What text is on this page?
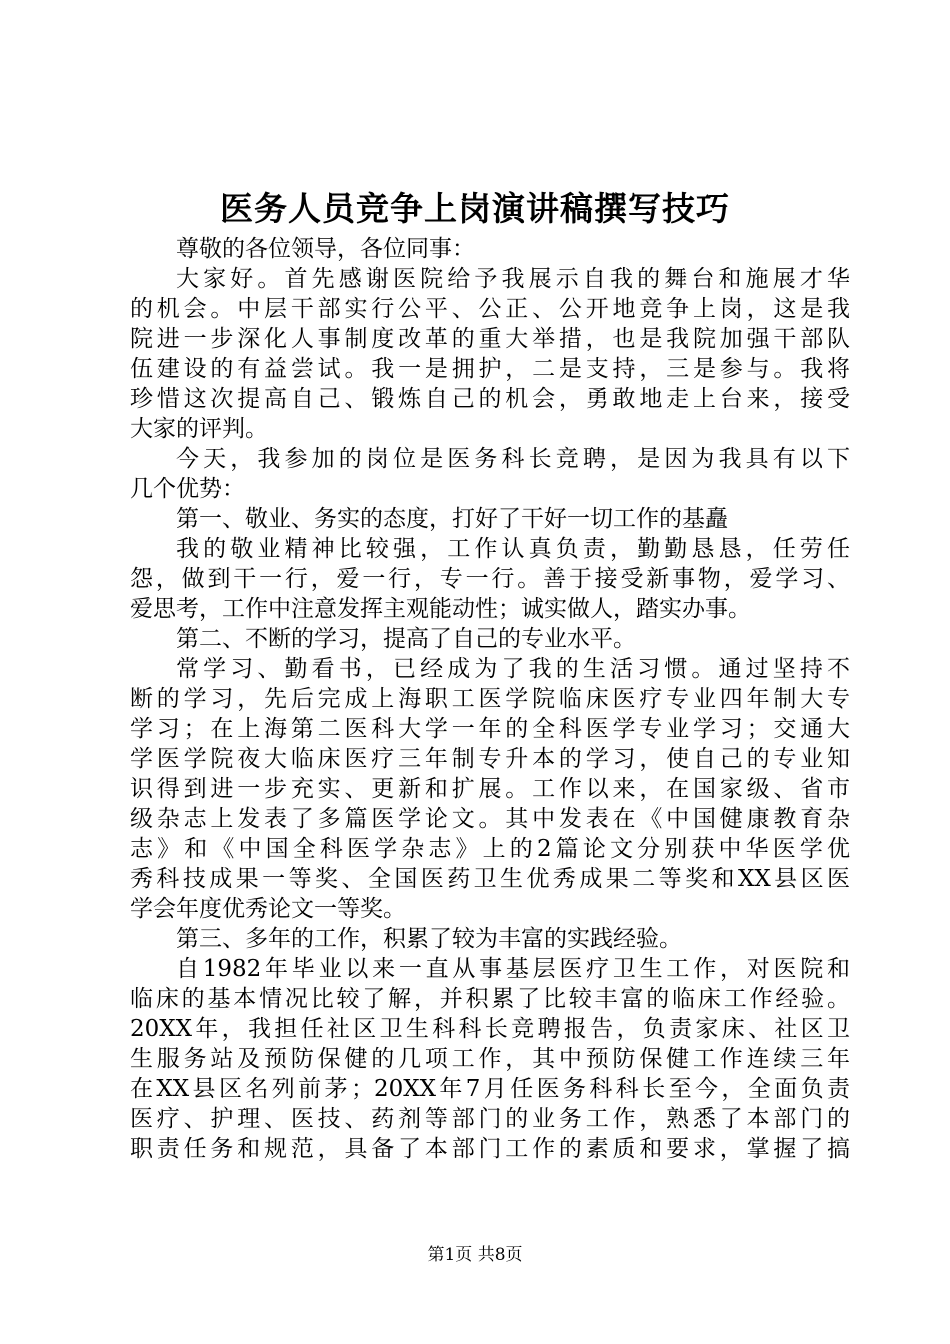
医务人员竞争上岗演讲稿撰写技巧
尊敬的各位领导，各位同事：
大家好。首先感谢医院给予我展示自我的舞台和施展才华
的机会。中层干部实行公平、公正、公开地竞争上岗，这是我
院进一步深化人事制度改革的重大举措，也是我院加强干部队
伍建设的有益尝试。我一是拥护，二是支持，三是参与。我将
珍惜这次提高自己、锻炼自己的机会，勇敢地走上台来，接受
大家的评判。
今天，我参加的岗位是医务科长竞聘，是因为我具有以下
几个优势：
第一、敬业、务实的态度，打好了干好一切工作的基矗
我的敬业精神比较强，工作认真负责，勤勤恳恳，任劳任
怨，做到干一行，爱一行，专一行。善于接受新事物，爱学习、
爱思考，工作中注意发挥主观能动性；诚实做人，踏实办事。
第二、不断的学习，提高了自己的专业水平。
常学习、勤看书，已经成为了我的生活习惯。通过坚持不
断的学习，先后完成上海职工医学院临床医疗专业四年制大专
学习；在上海第二医科大学一年的全科医学专业学习；交通大
学医学院夜大临床医疗三年制专升本的学习，使自己的专业知
识得到进一步充实、更新和扩展。工作以来，在国家级、省市
级杂志上发表了多篇医学论文。其中发表在《中国健康教育杂
志》和《中国全科医学杂志》上的2篇论文分别获中华医学优
秀科技成果一等奖、全国医药卫生优秀成果二等奖和XX县区医
学会年度优秀论文一等奖。
第三、多年的工作，积累了较为丰富的实践经验。
自1982年毕业以来一直从事基层医疗卫生工作，对医院和
临床的基本情况比较了解，并积累了比较丰富的临床工作经验。
20XX年，我担任社区卫生科科长竞聘报告，负责家床、社区卫
生服务站及预防保健的几项工作，其中预防保健工作连续三年
在XX县区名列前茅；20XX年7月任医务科科长至今，全面负责
医疗、护理、医技、药剂等部门的业务工作，熟悉了本部门的
职责任务和规范，具备了本部门工作的素质和要求，掌握了搞
第1页 共8页
